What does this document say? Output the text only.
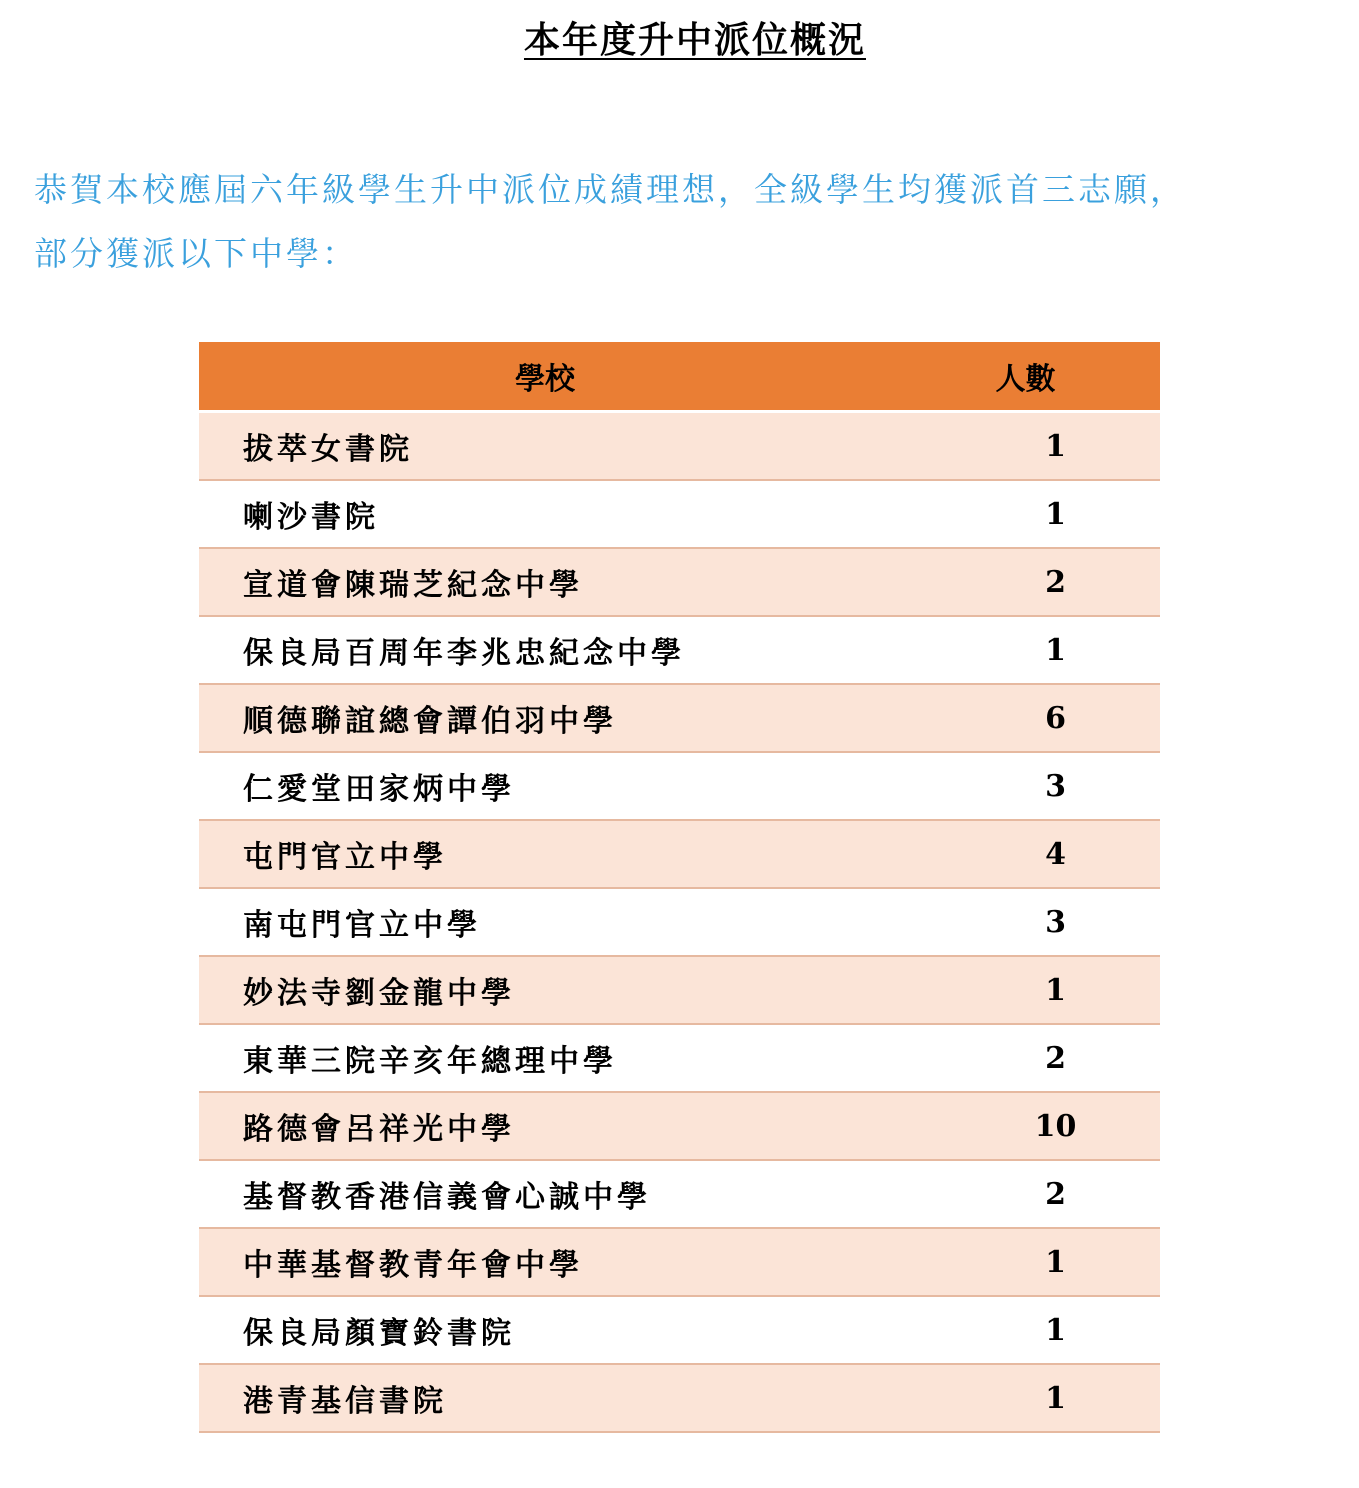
本年度升中派位概況

恭賀本校應屆六年級學生升中派位成績理想，全級學生均獲派首三志願，

部分獲派以下中學：

學校	人數
拔萃女書院	1
喇沙書院	1
宣道會陳瑞芝紀念中學	2
保良局百周年李兆忠紀念中學	1
順德聯誼總會譚伯羽中學	6
仁愛堂田家炳中學	3
屯門官立中學	4
南屯門官立中學	3
妙法寺劉金龍中學	1
東華三院辛亥年總理中學	2
路德會呂祥光中學	10
基督教香港信義會心誠中學	2
中華基督教青年會中學	1
保良局顏寶鈴書院	1
港青基信書院	1
